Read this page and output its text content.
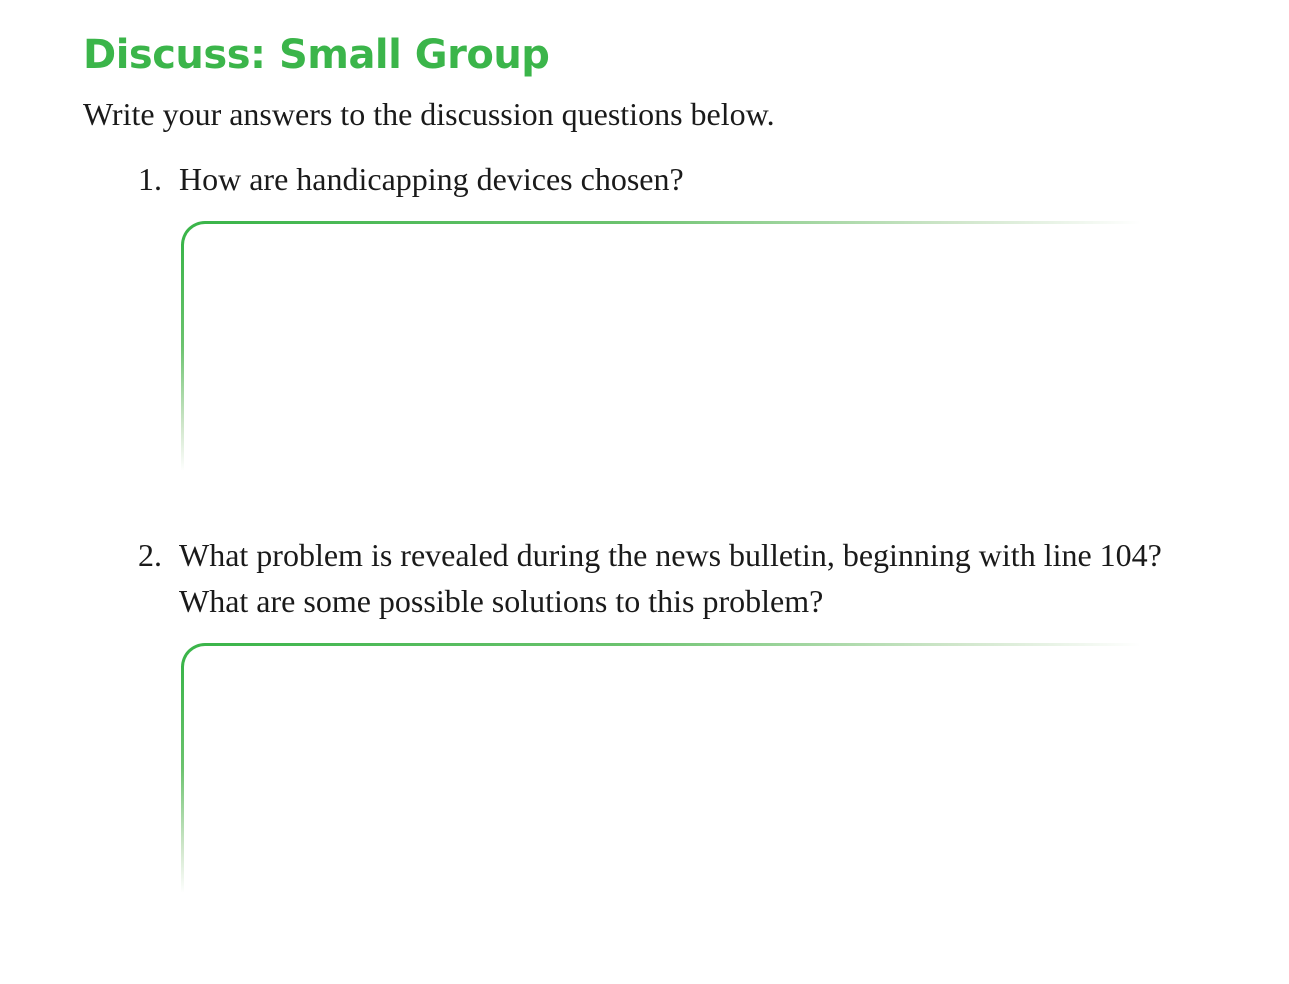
Discuss: Small Group

Write your answers to the discussion questions below.

1. How are handicapping devices chosen?
2. What problem is revealed during the news bulletin, beginning with line 104? What are some possible solutions to this problem?
